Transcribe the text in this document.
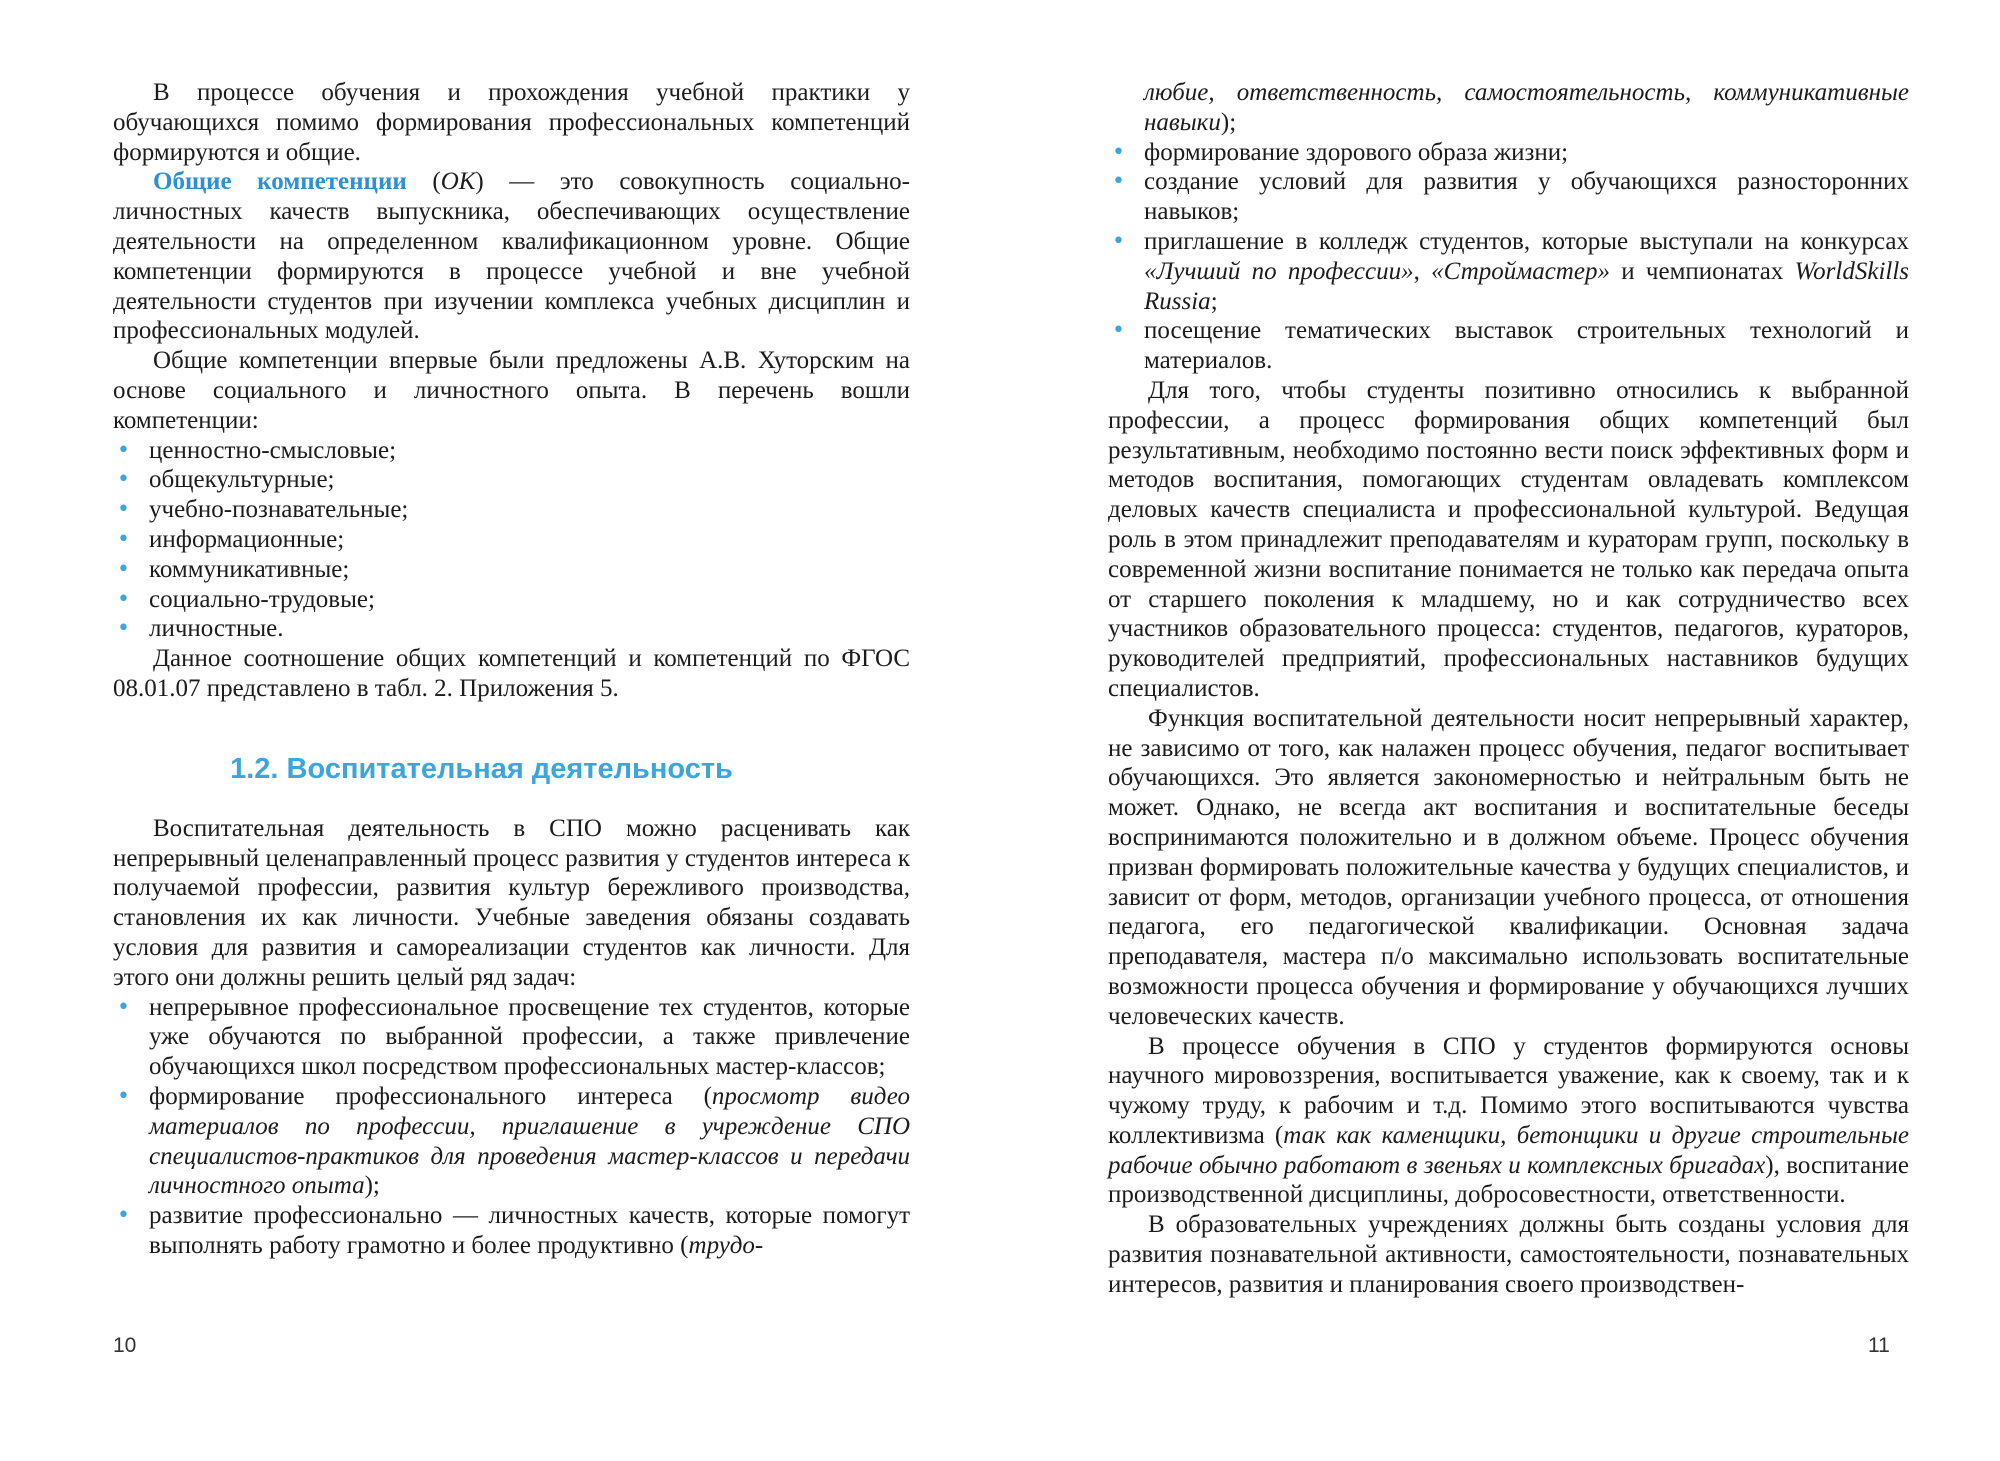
В процессе обучения и прохождения учебной практики у обучающихся помимо формирования профессиональных компетенций формируются и общие.

Общие компетенции (ОК) — это совокупность социально-личностных качеств выпускника, обеспечивающих осуществление деятельности на определенном квалификационном уровне. Общие компетенции формируются в процессе учебной и вне учебной деятельности студентов при изучении комплекса учебных дисциплин и профессиональных модулей.

Общие компетенции впервые были предложены А.В. Хуторским на основе социального и личностного опыта. В перечень вошли компетенции:

• ценностно-смысловые;
• общекультурные;
• учебно-познавательные;
• информационные;
• коммуникативные;
• социально-трудовые;
• личностные.

Данное соотношение общих компетенций и компетенций по ФГОС 08.01.07 представлено в табл. 2. Приложения 5.

1.2. Воспитательная деятельность

Воспитательная деятельность в СПО можно расценивать как непрерывный целенаправленный процесс развития у студентов интереса к получаемой профессии, развития культур бережливого производства, становления их как личности. Учебные заведения обязаны создавать условия для развития и самореализации студентов как личности. Для этого они должны решить целый ряд задач:

• непрерывное профессиональное просвещение тех студентов, которые уже обучаются по выбранной профессии, а также привлечение обучающихся школ посредством профессиональных мастер-классов;
• формирование профессионального интереса (просмотр видео материалов по профессии, приглашение в учреждение СПО специалистов-практиков для проведения мастер-классов и передачи личностного опыта);
• развитие профессионально — личностных качеств, которые помогут выполнять работу грамотно и более продуктивно (трудо-
10
любие, ответственность, самостоятельность, коммуникативные навыки);
• формирование здорового образа жизни;
• создание условий для развития у обучающихся разносторонних навыков;
• приглашение в колледж студентов, которые выступали на конкурсах «Лучший по профессии», «Строймастер» и чемпионатах WorldSkills Russia;
• посещение тематических выставок строительных технологий и материалов.

Для того, чтобы студенты позитивно относились к выбранной профессии, а процесс формирования общих компетенций был результативным, необходимо постоянно вести поиск эффективных форм и методов воспитания, помогающих студентам овладевать комплексом деловых качеств специалиста и профессиональной культурой. Ведущая роль в этом принадлежит преподавателям и кураторам групп, поскольку в современной жизни воспитание понимается не только как передача опыта от старшего поколения к младшему, но и как сотрудничество всех участников образовательного процесса: студентов, педагогов, кураторов, руководителей предприятий, профессиональных наставников будущих специалистов.

Функция воспитательной деятельности носит непрерывный характер, не зависимо от того, как налажен процесс обучения, педагог воспитывает обучающихся. Это является закономерностью и нейтральным быть не может. Однако, не всегда акт воспитания и воспитательные беседы воспринимаются положительно и в должном объеме. Процесс обучения призван формировать положительные качества у будущих специалистов, и зависит от форм, методов, организации учебного процесса, от отношения педагога, его педагогической квалификации. Основная задача преподавателя, мастера п/о максимально использовать воспитательные возможности процесса обучения и формирование у обучающихся лучших человеческих качеств.

В процессе обучения в СПО у студентов формируются основы научного мировоззрения, воспитывается уважение, как к своему, так и к чужому труду, к рабочим и т.д. Помимо этого воспитываются чувства коллективизма (так как каменщики, бетонщики и другие строительные рабочие обычно работают в звеньях и комплексных бригадах), воспитание производственной дисциплины, добросовестности, ответственности.

В образовательных учреждениях должны быть созданы условия для развития познавательной активности, самостоятельности, познавательных интересов, развития и планирования своего производствен-

11
